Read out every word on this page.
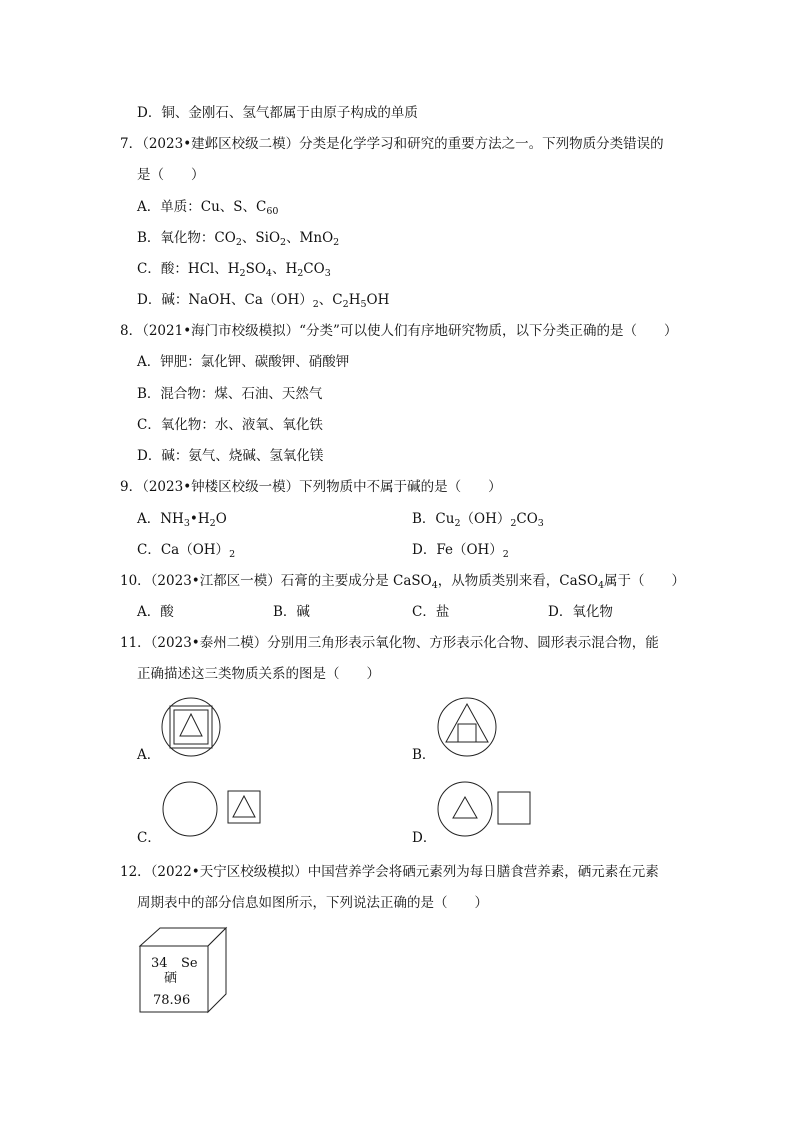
D．铜、金刚石、氢气都属于由原子构成的单质
7．（2023•建邺区校级二模）分类是化学学习和研究的重要方法之一。下列物质分类错误的
是（　　）
A．单质：Cu、S、$C_{60}$
B．氧化物：$CO_2$、SiO$_2$、MnO$_2$
C．酸：HCl、$H_2SO_4$、$H_2CO_3$
D．碱：NaOH、$Ca(OH)_2$、$C_2H_5OH$
8．（2021•海门市校级模拟）“分类”可以使人们有序地研究物质，以下分类正确的是（　　）
A．钾肥：氯化钾、碳酸钾、硝酸钾
B．混合物：煤、石油、天然气
C．氧化物：水、液氧、氧化铁
D．碱：氨气、烧碱、氢氧化镁
9．（2023•钟楼区校级一模）下列物质中不属于碱的是（　　）
A．$NH_3•H_2O$	B．$Cu_2(OH)_2CO_3$
C．$Ca(OH)_2$	D．$Fe(OH)_2$
10．（2023•江都区一模）石膏的主要成分是 CaSO$_4$，从物质类别来看，CaSO$_4$属于（　　）
A．酸	B．碱	C．盐	D．氧化物
11．（2023•泰州二模）分别用三角形表示氧化物、方形表示化合物、圆形表示混合物，能
正确描述这三类物质关系的图是（　　）
A．	B．
C．	D．
12．（2022•天宁区校级模拟）中国营养学会将硒元素列为每日膳食营养素，硒元素在元素
周期表中的部分信息如图所示，下列说法正确的是（　　）
34 Se
硒
78.96
